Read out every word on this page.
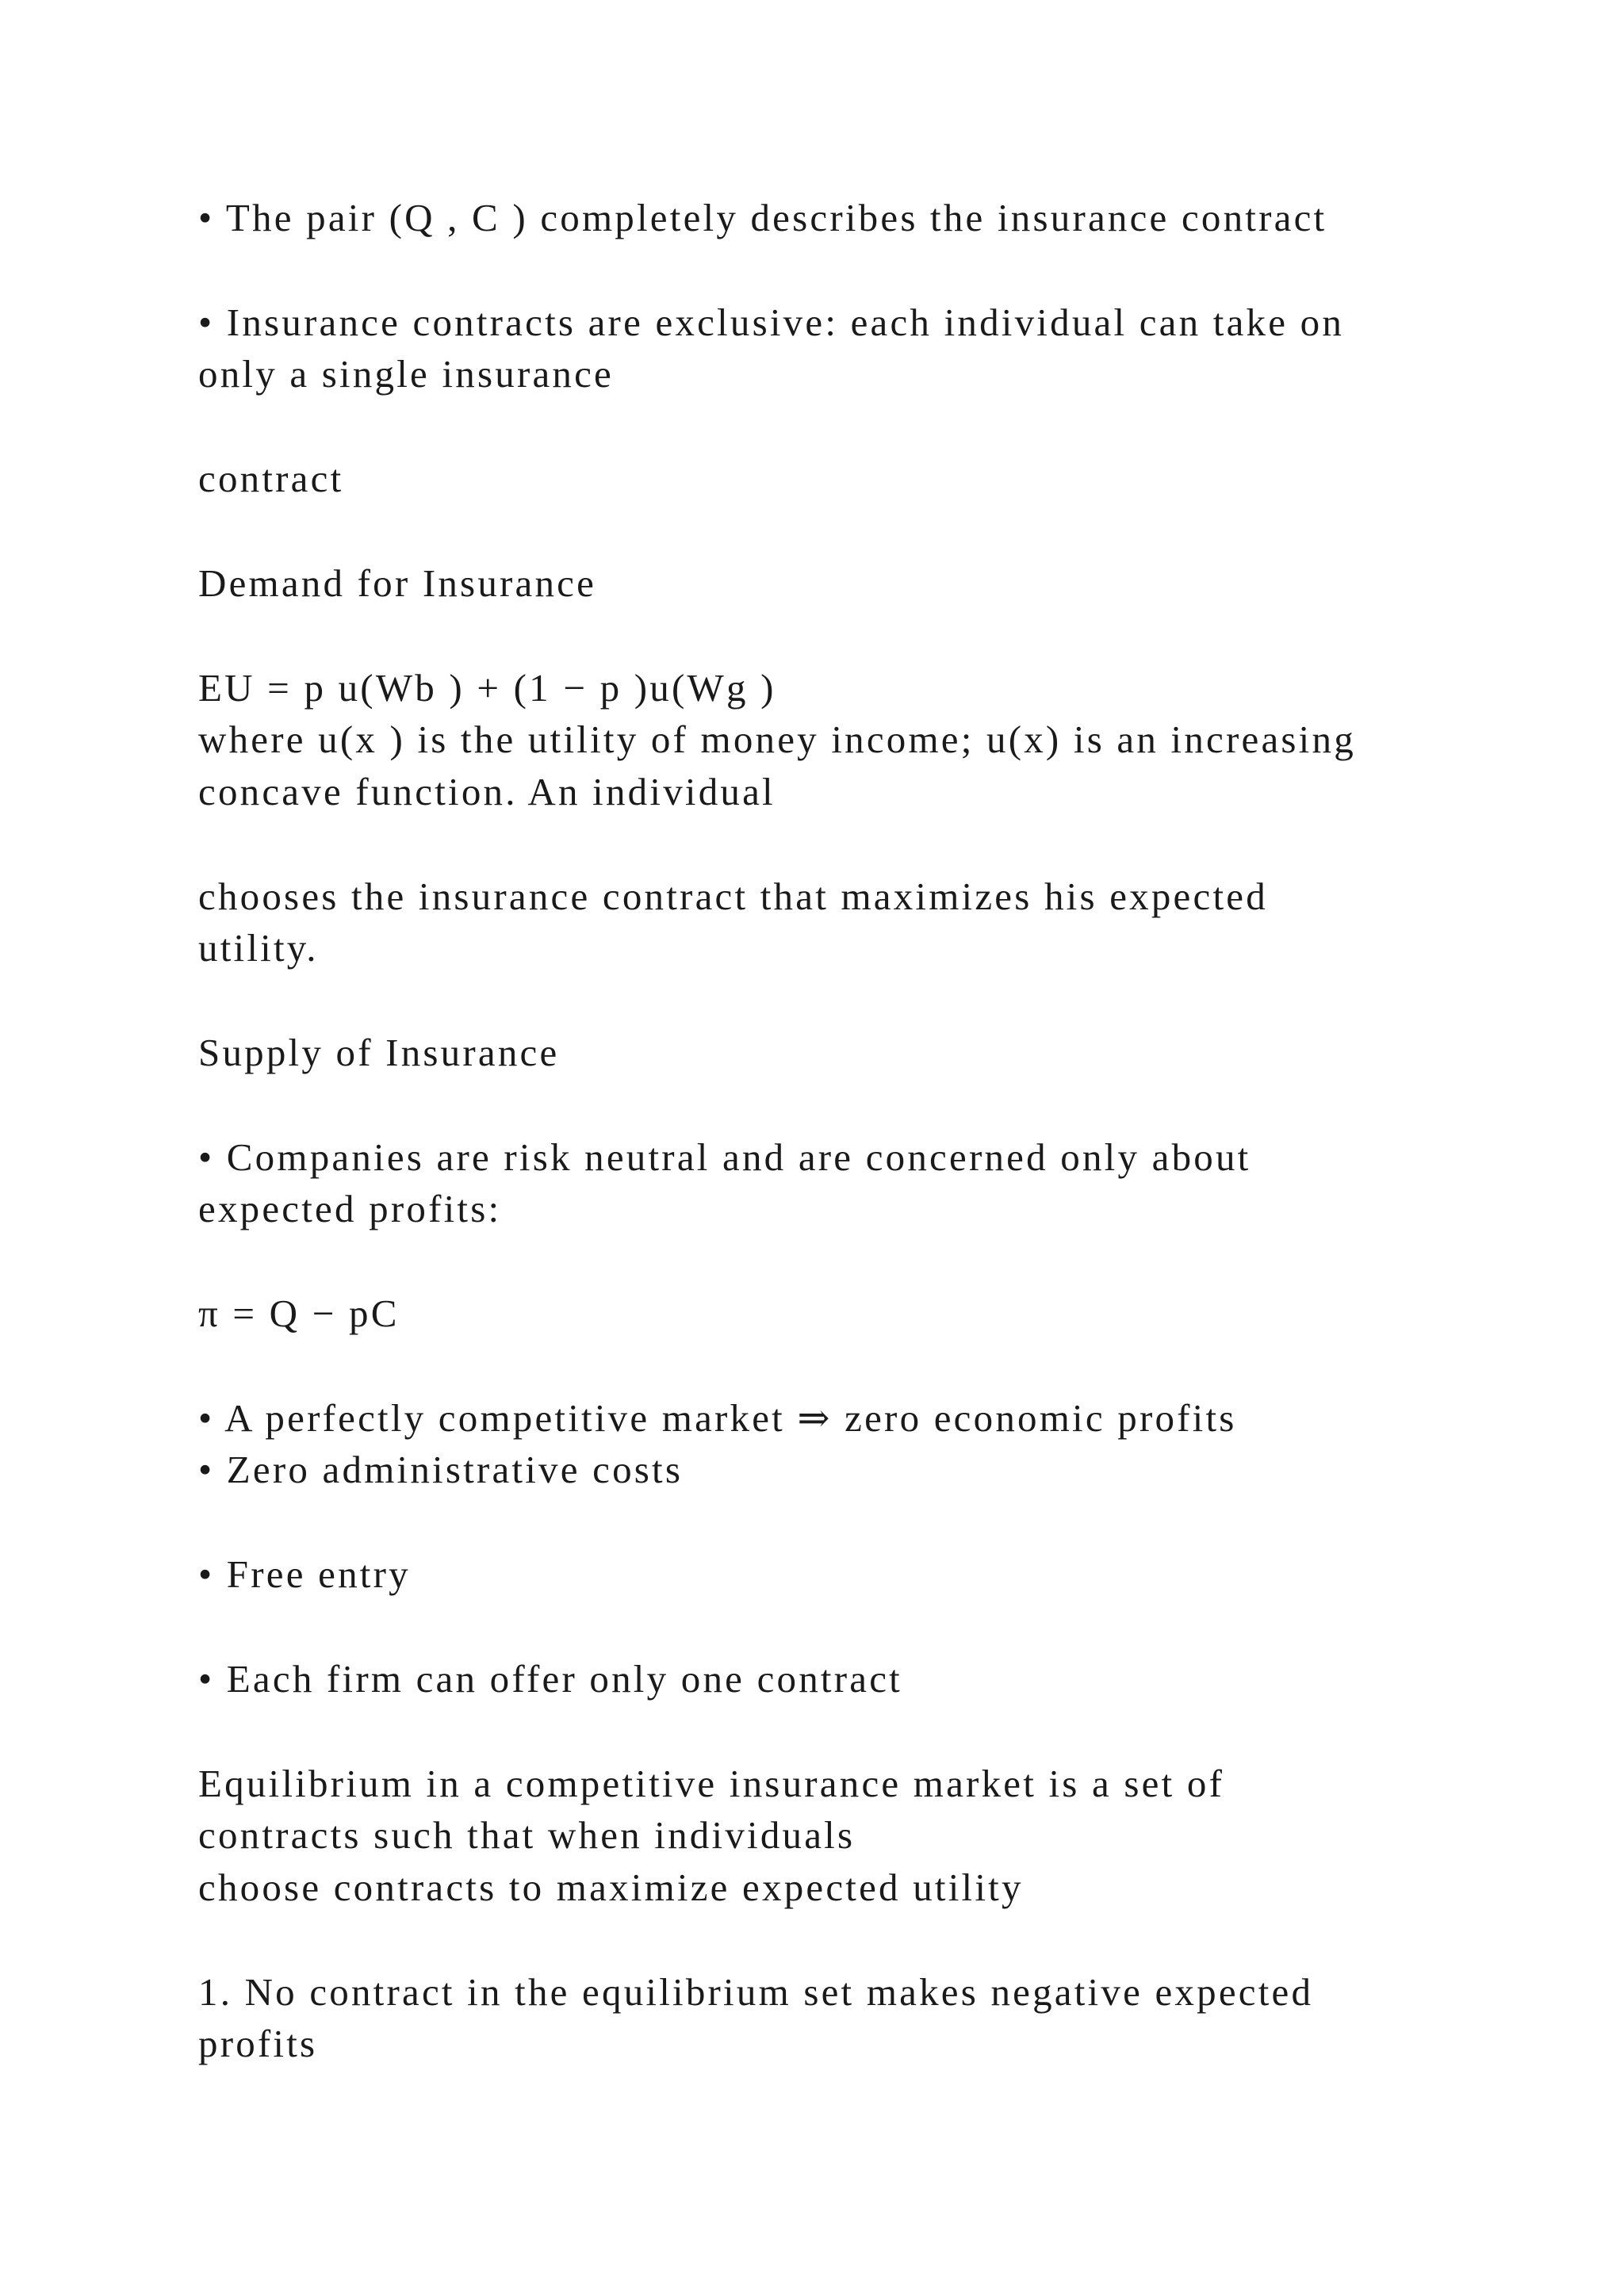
• The pair (Q , C ) completely describes the insurance contract
• Insurance contracts are exclusive: each individual can take on
only a single insurance
contract
Demand for Insurance
EU = p u(Wb ) + (1 − p )u(Wg )
where u(x ) is the utility of money income; u(x) is an increasing
concave function. An individual
chooses the insurance contract that maximizes his expected
utility.
Supply of Insurance
• Companies are risk neutral and are concerned only about
expected profits:
π = Q − pC
• A perfectly competitive market ⇒ zero economic profits
• Zero administrative costs
• Free entry
• Each firm can offer only one contract
Equilibrium in a competitive insurance market is a set of
contracts such that when individuals
choose contracts to maximize expected utility
1. No contract in the equilibrium set makes negative expected
profits
